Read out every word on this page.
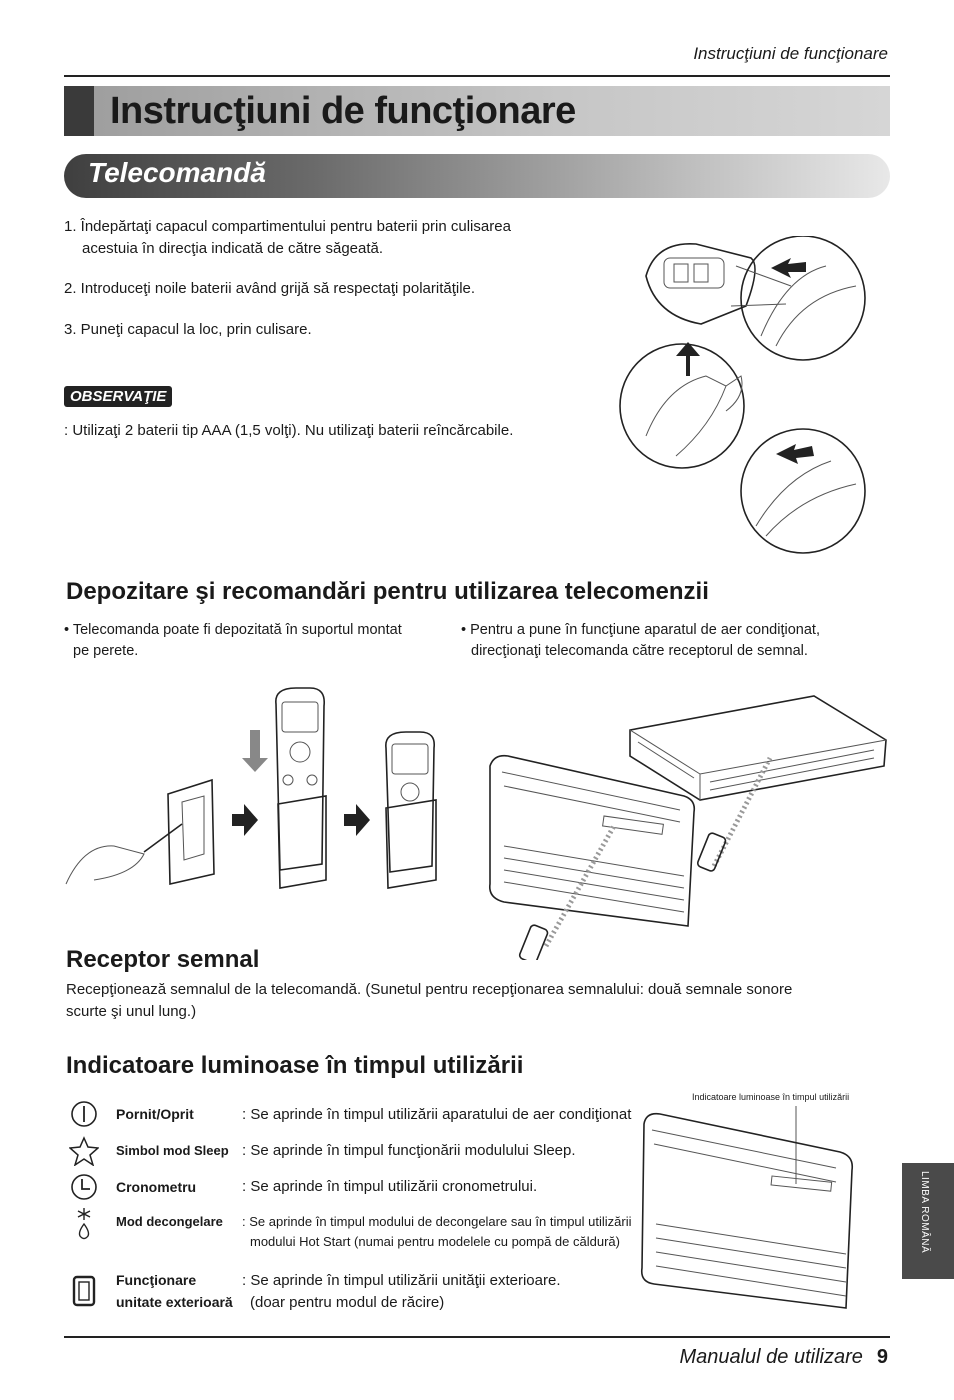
Instrucţiuni de funcţionare
Instrucţiuni de funcţionare
Telecomandă
1. Îndepărtaţi capacul compartimentului pentru baterii prin culisarea
acestuia în direcţia indicată de către săgeată.
2. Introduceţi noile baterii având grijă să respectaţi polarităţile.
3. Puneţi capacul la loc, prin culisare.
OBSERVAŢIE
: Utilizaţi 2 baterii tip AAA (1,5 volţi). Nu utilizaţi baterii reîncărcabile.
Depozitare şi recomandări pentru utilizarea telecomenzii
• Telecomanda poate fi depozitată în suportul montat
pe perete.
• Pentru a pune în funcţiune aparatul de aer condiţionat,
direcţionaţi telecomanda către receptorul de semnal.
Receptor semnal
Recepţionează semnalul de la telecomandă. (Sunetul pentru recepţionarea semnalului: două semnale sonore
scurte şi unul lung.)
Indicatoare luminoase în timpul utilizării
Pornit/Oprit	: Se aprinde în timpul utilizării aparatului de aer condiţionat
Simbol mod Sleep : Se aprinde în timpul funcţionării modulului Sleep.
Cronometru	: Se aprinde în timpul utilizării cronometrului.
Mod decongelare : Se aprinde în timpul modului de decongelare sau în timpul utilizării
modului Hot Start (numai pentru modelele cu pompă de căldură)
Funcţionare
unitate exterioară
: Se aprinde în timpul utilizării unităţii exterioare.
(doar pentru modul de răcire)
Indicatoare luminoase în timpul utilizării
LIMBA ROMÂNĂ
Manualul de utilizare 9
